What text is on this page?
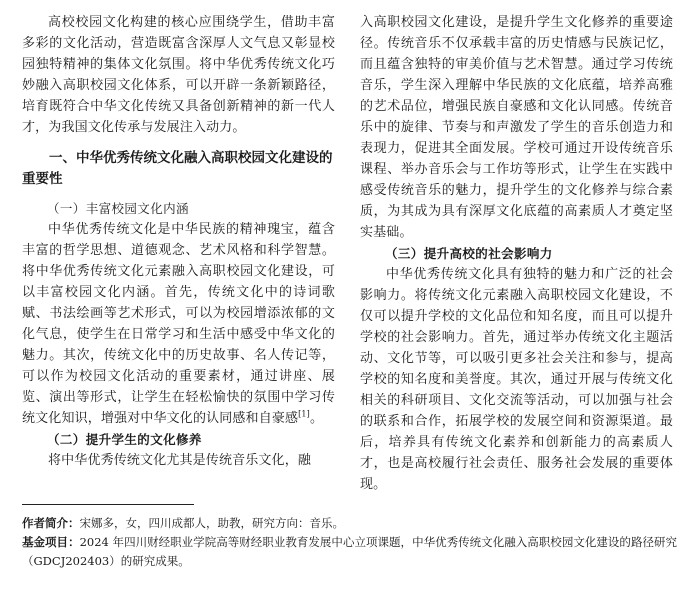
高校校园文化构建的核心应围绕学生，借助丰富多彩的文化活动，营造既富含深厚人文气息又彰显校园独特精神的集体文化氛围。将中华优秀传统文化巧妙融入高职校园文化体系，可以开辟一条新颖路径，培育既符合中华文化传统又具备创新精神的新一代人才，为我国文化传承与发展注入动力。

一、中华优秀传统文化融入高职校园文化建设的重要性

（一）丰富校园文化内涵

中华优秀传统文化是中华民族的精神瑰宝，蕴含丰富的哲学思想、道德观念、艺术风格和科学智慧。将中华优秀传统文化元素融入高职校园文化建设，可以丰富校园文化内涵。首先，传统文化中的诗词歌赋、书法绘画等艺术形式，可以为校园增添浓郁的文化气息，使学生在日常学习和生活中感受中华文化的魅力。其次，传统文化中的历史故事、名人传记等，可以作为校园文化活动的重要素材，通过讲座、展览、演出等形式，让学生在轻松愉快的氛围中学习传统文化知识，增强对中华文化的认同感和自豪感[1]。

（二）提升学生的文化修养

将中华优秀传统文化尤其是传统音乐文化，融

入高职校园文化建设，是提升学生文化修养的重要途径。传统音乐不仅承载丰富的历史情感与民族记忆，而且蕴含独特的审美价值与艺术智慧。通过学习传统音乐，学生深入理解中华民族的文化底蕴，培养高雅的艺术品位，增强民族自豪感和文化认同感。传统音乐中的旋律、节奏与和声激发了学生的音乐创造力和表现力，促进其全面发展。学校可通过开设传统音乐课程、举办音乐会与工作坊等形式，让学生在实践中感受传统音乐的魅力，提升学生的文化修养与综合素质，为其成为具有深厚文化底蕴的高素质人才奠定坚实基础。

（三）提升高校的社会影响力

中华优秀传统文化具有独特的魅力和广泛的社会影响力。将传统文化元素融入高职校园文化建设，不仅可以提升学校的文化品位和知名度，而且可以提升学校的社会影响力。首先，通过举办传统文化主题活动、文化节等，可以吸引更多社会关注和参与，提高学校的知名度和美誉度。其次，通过开展与传统文化相关的科研项目、文化交流等活动，可以加强与社会的联系和合作，拓展学校的发展空间和资源渠道。最后，培养具有传统文化素养和创新能力的高素质人才，也是高校履行社会责任、服务社会发展的重要体现。

作者简介：宋娜多，女，四川成都人，助教，研究方向：音乐。

基金项目：2024 年四川财经职业学院高等财经职业教育发展中心立项课题，中华优秀传统文化融入高职校园文化建设的路径研究（GDCJ202403）的研究成果。
